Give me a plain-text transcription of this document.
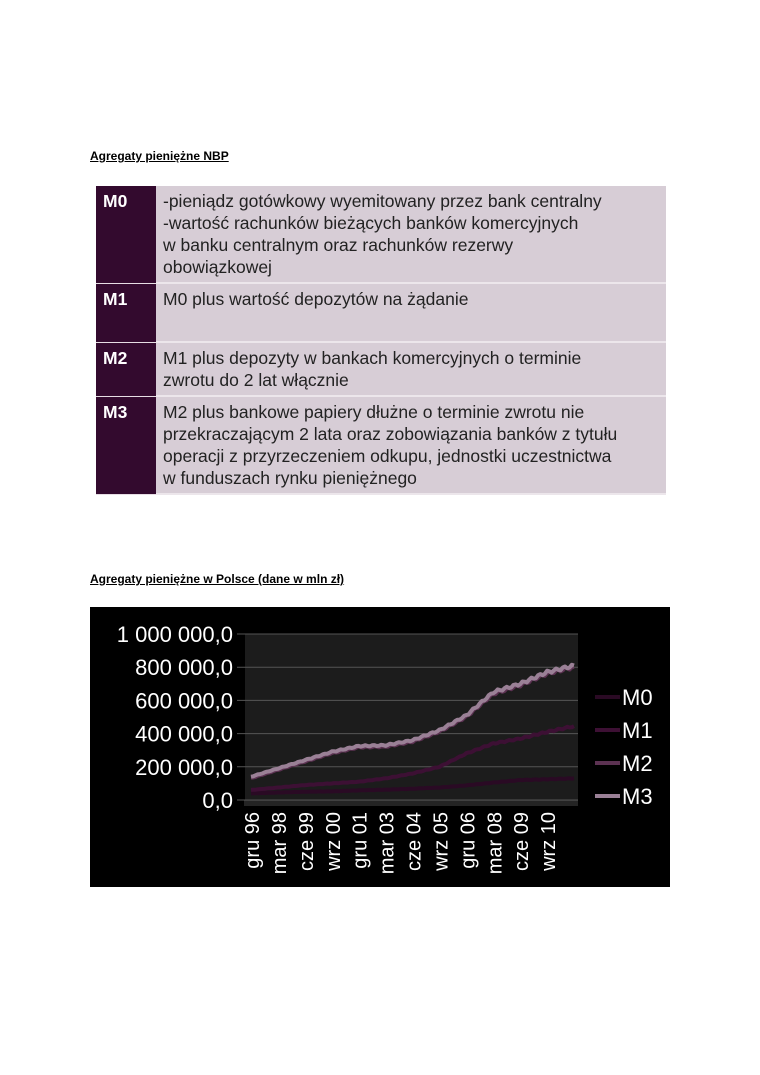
Agregaty pieniężne NBP
M0	-pieniądz gotówkowy wyemitowany przez bank centralny
-wartość rachunków bieżących banków komercyjnych
w banku centralnym oraz rachunków rezerwy
obowiązkowej
M1	M0 plus wartość depozytów na żądanie
M2	M1 plus depozyty w bankach komercyjnych o terminie
zwrotu do 2 lat włącznie
M3	M2 plus bankowe papiery dłużne o terminie zwrotu nie
przekraczającym 2 lata oraz zobowiązania banków z tytułu
operacji z przyrzeczeniem odkupu, jednostki uczestnictwa
w funduszach rynku pieniężnego
Agregaty pieniężne w Polsce (dane w mln zł)
0,0
200 000,0
400 000,0
600 000,0
800 000,0
1 000 000,0
gru 96 mar 98 cze 99 wrz 00 gru 01 mar 03 cze 04 wrz 05 gru 06 mar 08 cze 09 wrz 10
M0
M1
M2
M3
